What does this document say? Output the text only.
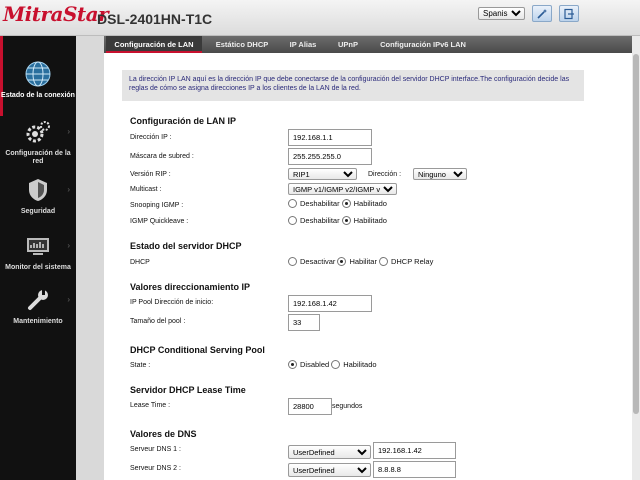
MitraStar
DSL-2401HN-T1C
Spanish
Estado de la conexión
›
Configuración de la red
›
Seguridad
›
Monitor del sistema
›
Mantenimiento
Configuración de LAN	Estático DHCP	IP Alias	UPnP	Configuración IPv6 LAN
La dirección IP LAN aquí es la dirección IP que debe conectarse de la configuración del servidor DHCP interface.The configuración decide las reglas de cómo se asigna direcciones IP a los clientes de la LAN de la red.
Configuración de LAN IP
Dirección IP :
192.168.1.1
Máscara de subred :
255.255.255.0
Versión RIP :
RIP1	Dirección :
Ninguno
Multicast :
IGMP v1/IGMP v2/IGMP v3
Snooping IGMP :	Deshabilitar Habilitado
IGMP Quickleave :	Deshabilitar Habilitado
Estado del servidor DHCP
DHCP	Desactivar Habilitar DHCP Relay
Valores direccionamiento IP
IP Pool Dirección de inicio:
192.168.1.42
Tamaño del pool :
33
DHCP Conditional Serving Pool
State :	Disabled Habilitado
Servidor DHCP Lease Time
Lease Time :
28800	segundos
Valores de DNS
Serveur DNS 1 :
UserDefined
192.168.1.42
Serveur DNS 2 :
UserDefined
8.8.8.8
